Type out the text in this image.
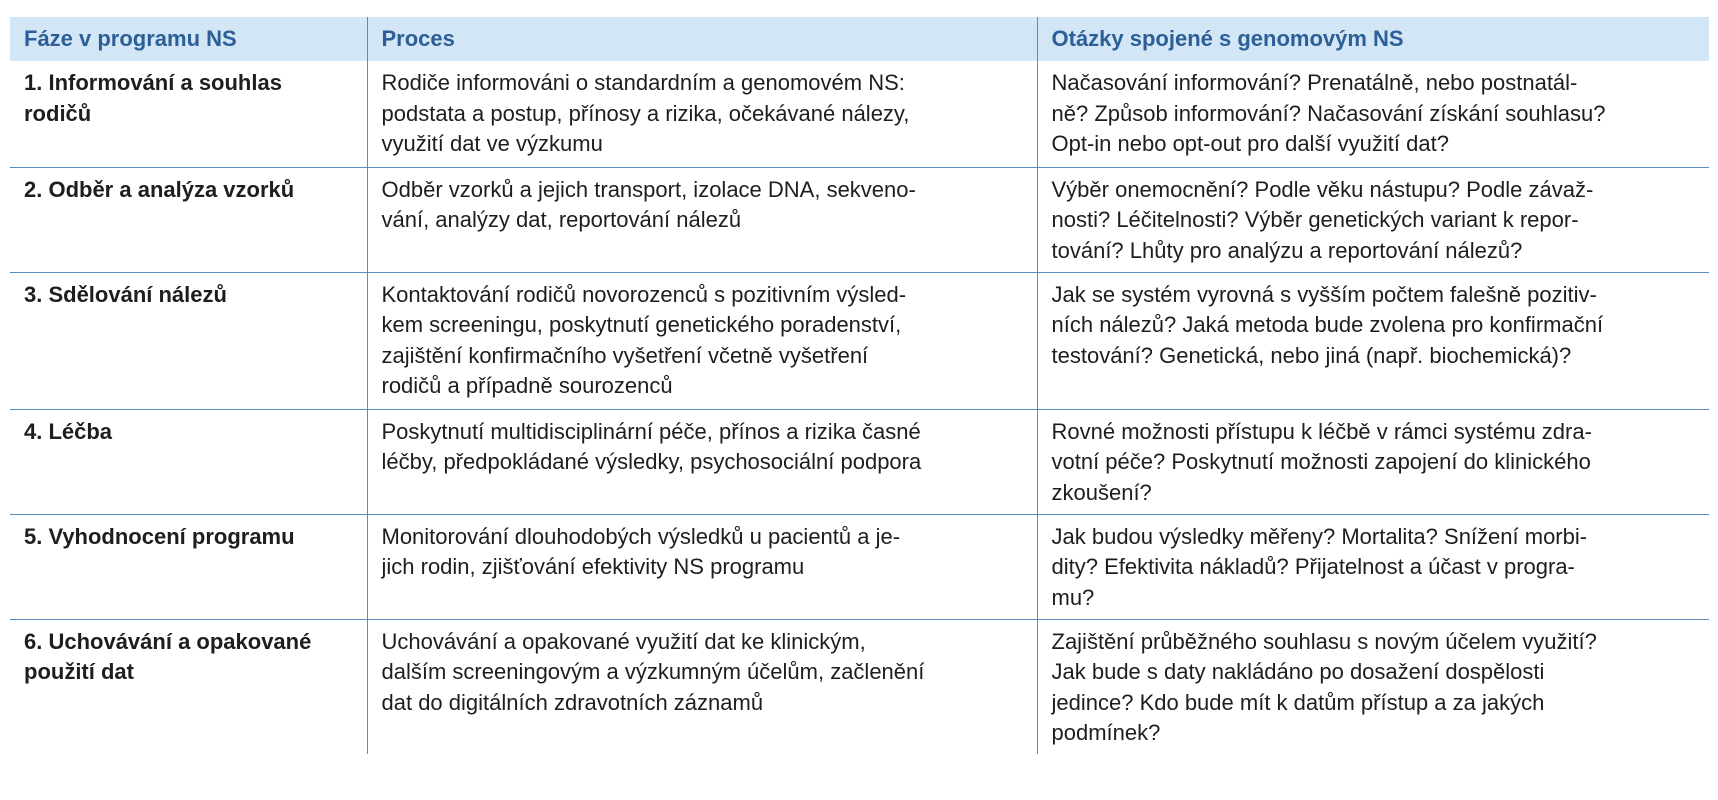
Fáze v programu NS	Proces	Otázky spojené s genomovým NS
1. Informování a souhlas
rodičů	Rodiče informováni o standardním a genomovém NS:
podstata a postup, přínosy a rizika, očekávané nálezy,
využití dat ve výzkumu	Načasování informování? Prenatálně, nebo postnatál-
ně? Způsob informování? Načasování získání souhlasu?
Opt-in nebo opt-out pro další využití dat?
2. Odběr a analýza vzorků	Odběr vzorků a jejich transport, izolace DNA, sekveno-
vání, analýzy dat, reportování nálezů	Výběr onemocnění? Podle věku nástupu? Podle závaž-
nosti? Léčitelnosti? Výběr genetických variant k repor-
tování? Lhůty pro analýzu a reportování nálezů?
3. Sdělování nálezů	Kontaktování rodičů novorozenců s pozitivním výsled-
kem screeningu, poskytnutí genetického poradenství,
zajištění konfirmačního vyšetření včetně vyšetření
rodičů a případně sourozenců	Jak se systém vyrovná s vyšším počtem falešně pozitiv-
ních nálezů? Jaká metoda bude zvolena pro konfirmační
testování? Genetická, nebo jiná (např. biochemická)?
4. Léčba	Poskytnutí multidisciplinární péče, přínos a rizika časné
léčby, předpokládané výsledky, psychosociální podpora	Rovné možnosti přístupu k léčbě v rámci systému zdra-
votní péče? Poskytnutí možnosti zapojení do klinického
zkoušení?
5. Vyhodnocení programu	Monitorování dlouhodobých výsledků u pacientů a je-
jich rodin, zjišťování efektivity NS programu	Jak budou výsledky měřeny? Mortalita? Snížení morbi-
dity? Efektivita nákladů? Přijatelnost a účast v progra-
mu?
6. Uchovávání a opakované
použití dat	Uchovávání a opakované využití dat ke klinickým,
dalším screeningovým a výzkumným účelům, začlenění
dat do digitálních zdravotních záznamů	Zajištění průběžného souhlasu s novým účelem využití?
Jak bude s daty nakládáno po dosažení dospělosti
jedince? Kdo bude mít k datům přístup a za jakých
podmínek?
